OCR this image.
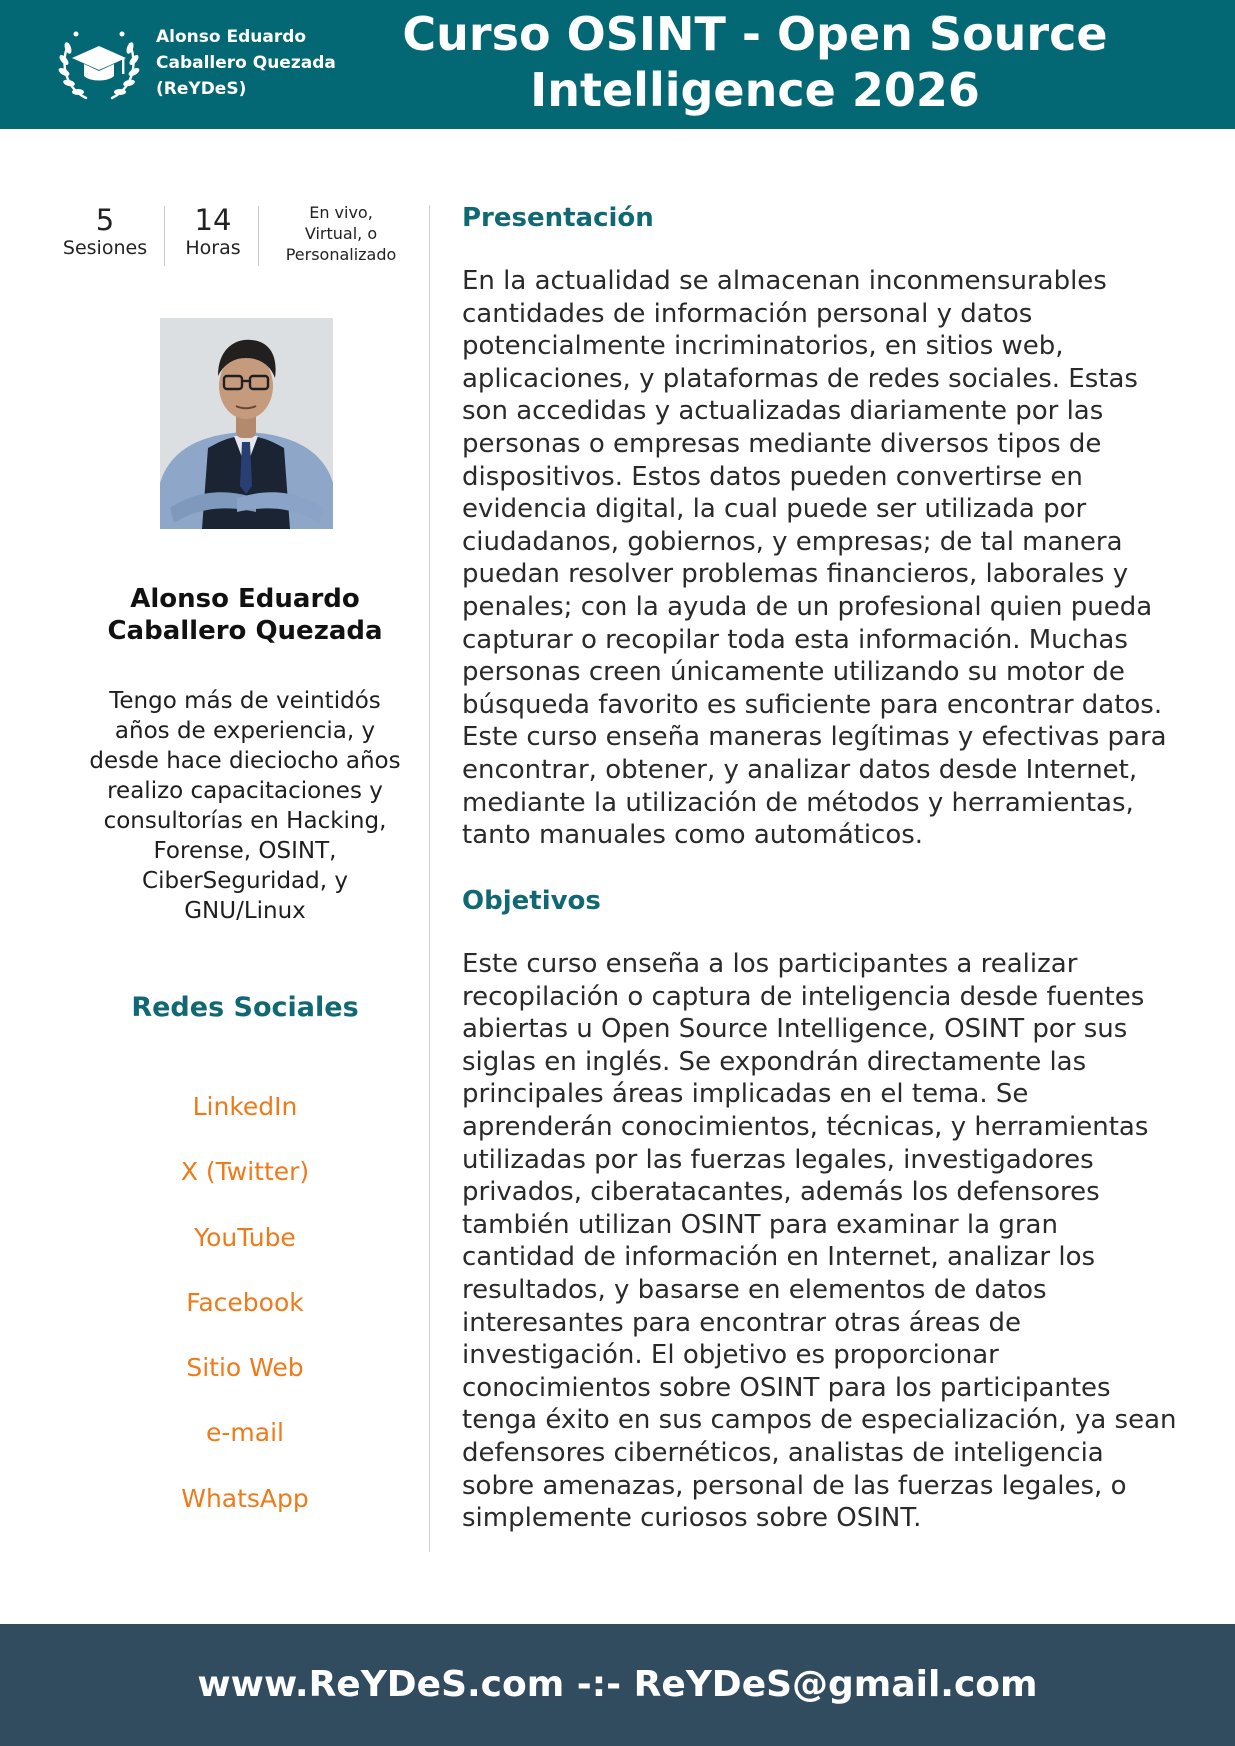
Alonso Eduardo
Caballero Quezada
(ReYDeS)
Curso OSINT - Open Source
Intelligence 2026
5
Sesiones
14
Horas
En vivo,
Virtual, o
Personalizado
Alonso Eduardo
Caballero Quezada
Tengo más de veintidós
años de experiencia, y
desde hace dieciocho años
realizo capacitaciones y
consultorías en Hacking,
Forense, OSINT,
CiberSeguridad, y
GNU/Linux
Redes Sociales
LinkedIn
X (Twitter)
YouTube
Facebook
Sitio Web
e-mail
WhatsApp
Presentación
En la actualidad se almacenan inconmensurables
cantidades de información personal y datos
potencialmente incriminatorios, en sitios web,
aplicaciones, y plataformas de redes sociales. Estas
son accedidas y actualizadas diariamente por las
personas o empresas mediante diversos tipos de
dispositivos. Estos datos pueden convertirse en
evidencia digital, la cual puede ser utilizada por
ciudadanos, gobiernos, y empresas; de tal manera
puedan resolver problemas financieros, laborales y
penales; con la ayuda de un profesional quien pueda
capturar o recopilar toda esta información. Muchas
personas creen únicamente utilizando su motor de
búsqueda favorito es suficiente para encontrar datos.
Este curso enseña maneras legítimas y efectivas para
encontrar, obtener, y analizar datos desde Internet,
mediante la utilización de métodos y herramientas,
tanto manuales como automáticos.
Objetivos
Este curso enseña a los participantes a realizar
recopilación o captura de inteligencia desde fuentes
abiertas u Open Source Intelligence, OSINT por sus
siglas en inglés. Se expondrán directamente las
principales áreas implicadas en el tema. Se
aprenderán conocimientos, técnicas, y herramientas
utilizadas por las fuerzas legales, investigadores
privados, ciberatacantes, además los defensores
también utilizan OSINT para examinar la gran
cantidad de información en Internet, analizar los
resultados, y basarse en elementos de datos
interesantes para encontrar otras áreas de
investigación. El objetivo es proporcionar
conocimientos sobre OSINT para los participantes
tenga éxito en sus campos de especialización, ya sean
defensores cibernéticos, analistas de inteligencia
sobre amenazas, personal de las fuerzas legales, o
simplemente curiosos sobre OSINT.
www.ReYDeS.com -:- ReYDeS@gmail.com
